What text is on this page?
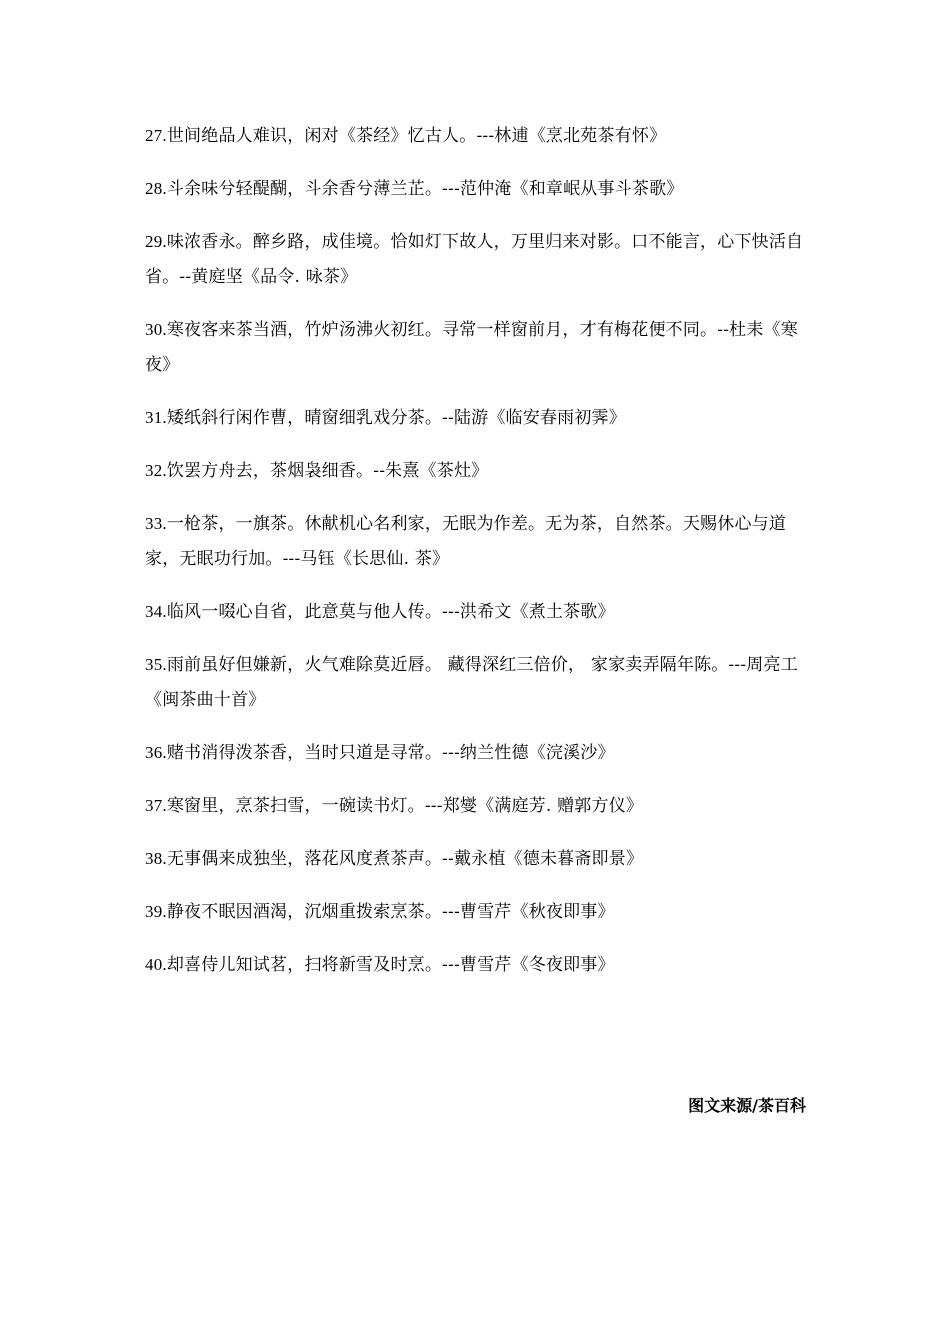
27.世间绝品人难识，闲对《茶经》忆古人。---林逋《烹北苑茶有怀》

28.斗余味兮轻醍醐，斗余香兮薄兰芷。---范仲淹《和章岷从事斗茶歌》

29.味浓香永。醉乡路，成佳境。恰如灯下故人，万里归来对影。口不能言，心下快活自省。--黄庭坚《品令. 咏茶》

30.寒夜客来茶当酒，竹炉汤沸火初红。寻常一样窗前月，才有梅花便不同。--杜耒《寒夜》

31.矮纸斜行闲作曹，晴窗细乳戏分茶。--陆游《临安春雨初霁》

32.饮罢方舟去，茶烟袅细香。--朱熹《茶灶》

33.一枪茶，一旗茶。休献机心名利家，无眠为作差。无为茶，自然茶。天赐休心与道家，无眠功行加。---马钰《长思仙. 茶》

34.临风一啜心自省，此意莫与他人传。---洪希文《煮土茶歌》

35.雨前虽好但嫌新，火气难除莫近唇。 藏得深红三倍价， 家家卖弄隔年陈。---周亮工《闽茶曲十首》

36.赌书消得泼茶香，当时只道是寻常。---纳兰性德《浣溪沙》

37.寒窗里，烹茶扫雪，一碗读书灯。---郑燮《满庭芳. 赠郭方仪》

38.无事偶来成独坐，落花风度煮茶声。--戴永植《德未暮斋即景》

39.静夜不眠因酒渴，沉烟重拨索烹茶。---曹雪芹《秋夜即事》

40.却喜侍儿知试茗，扫将新雪及时烹。---曹雪芹《冬夜即事》

图文来源/茶百科
